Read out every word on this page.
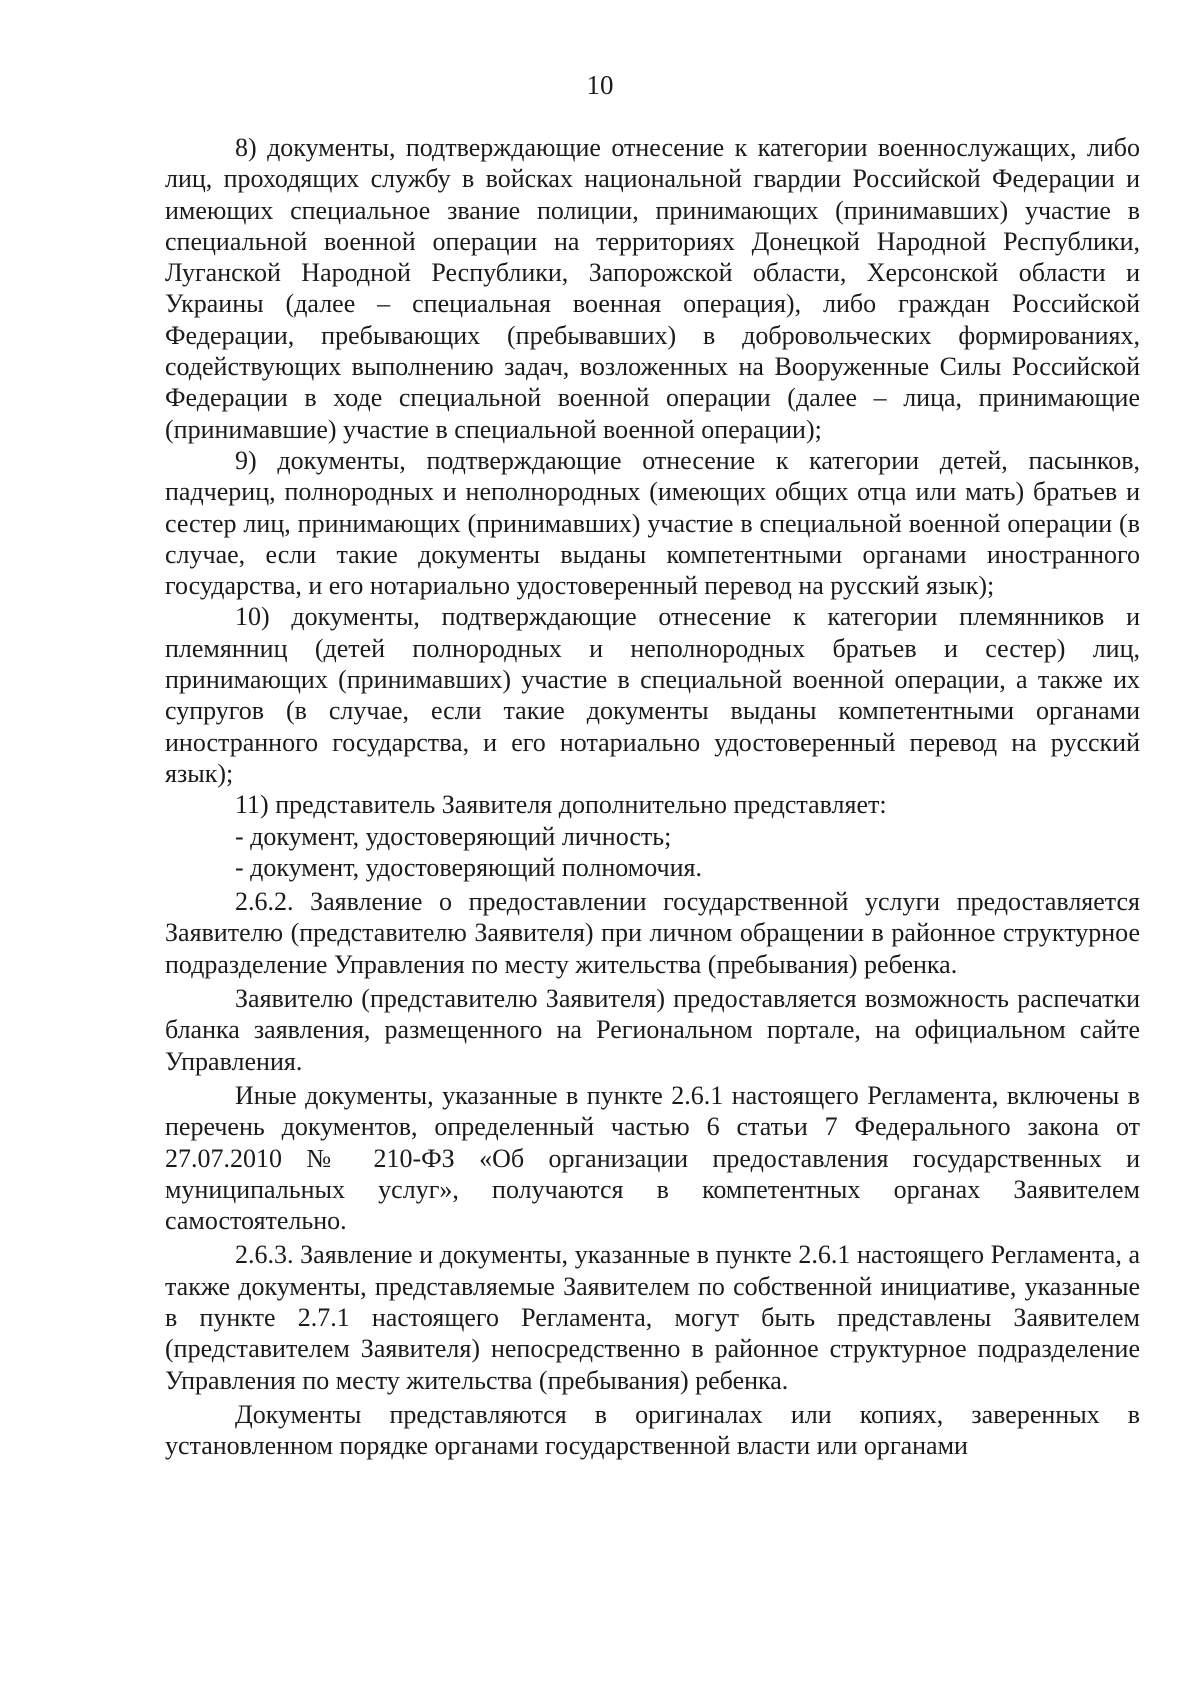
10

8) документы, подтверждающие отнесение к категории военнослужащих, либо лиц, проходящих службу в войсках национальной гвардии Российской Федерации и имеющих специальное звание полиции, принимающих (принимавших) участие в специальной военной операции на территориях Донецкой Народной Республики, Луганской Народной Республики, Запорожской области, Херсонской области и Украины (далее – специальная военная операция), либо граждан Российской Федерации, пребывающих (пребывавших) в добровольческих формированиях, содействующих выполнению задач, возложенных на Вооруженные Силы Российской Федерации в ходе специальной военной операции (далее – лица, принимающие (принимавшие) участие в специальной военной операции);

9) документы, подтверждающие отнесение к категории детей, пасынков, падчериц, полнородных и неполнородных (имеющих общих отца или мать) братьев и сестер лиц, принимающих (принимавших) участие в специальной военной операции (в случае, если такие документы выданы компетентными органами иностранного государства, и его нотариально удостоверенный перевод на русский язык);

10) документы, подтверждающие отнесение к категории племянников и племянниц (детей полнородных и неполнородных братьев и сестер) лиц, принимающих (принимавших) участие в специальной военной операции, а также их супругов (в случае, если такие документы выданы компетентными органами иностранного государства, и его нотариально удостоверенный перевод на русский язык);

11) представитель Заявителя дополнительно представляет:

- документ, удостоверяющий личность;

- документ, удостоверяющий полномочия.

2.6.2. Заявление о предоставлении государственной услуги предоставляется Заявителю (представителю Заявителя) при личном обращении в районное структурное подразделение Управления по месту жительства (пребывания) ребенка.

Заявителю (представителю Заявителя) предоставляется возможность распечатки бланка заявления, размещенного на Региональном портале, на официальном сайте Управления.

Иные документы, указанные в пункте 2.6.1 настоящего Регламента, включены в перечень документов, определенный частью 6 статьи 7 Федерального закона от 27.07.2010 № 210-ФЗ «Об организации предоставления государственных и муниципальных услуг», получаются в компетентных органах Заявителем самостоятельно.

2.6.3. Заявление и документы, указанные в пункте 2.6.1 настоящего Регламента, а также документы, представляемые Заявителем по собственной инициативе, указанные в пункте 2.7.1 настоящего Регламента, могут быть представлены Заявителем (представителем Заявителя) непосредственно в районное структурное подразделение Управления по месту жительства (пребывания) ребенка.

Документы представляются в оригиналах или копиях, заверенных в установленном порядке органами государственной власти или органами
